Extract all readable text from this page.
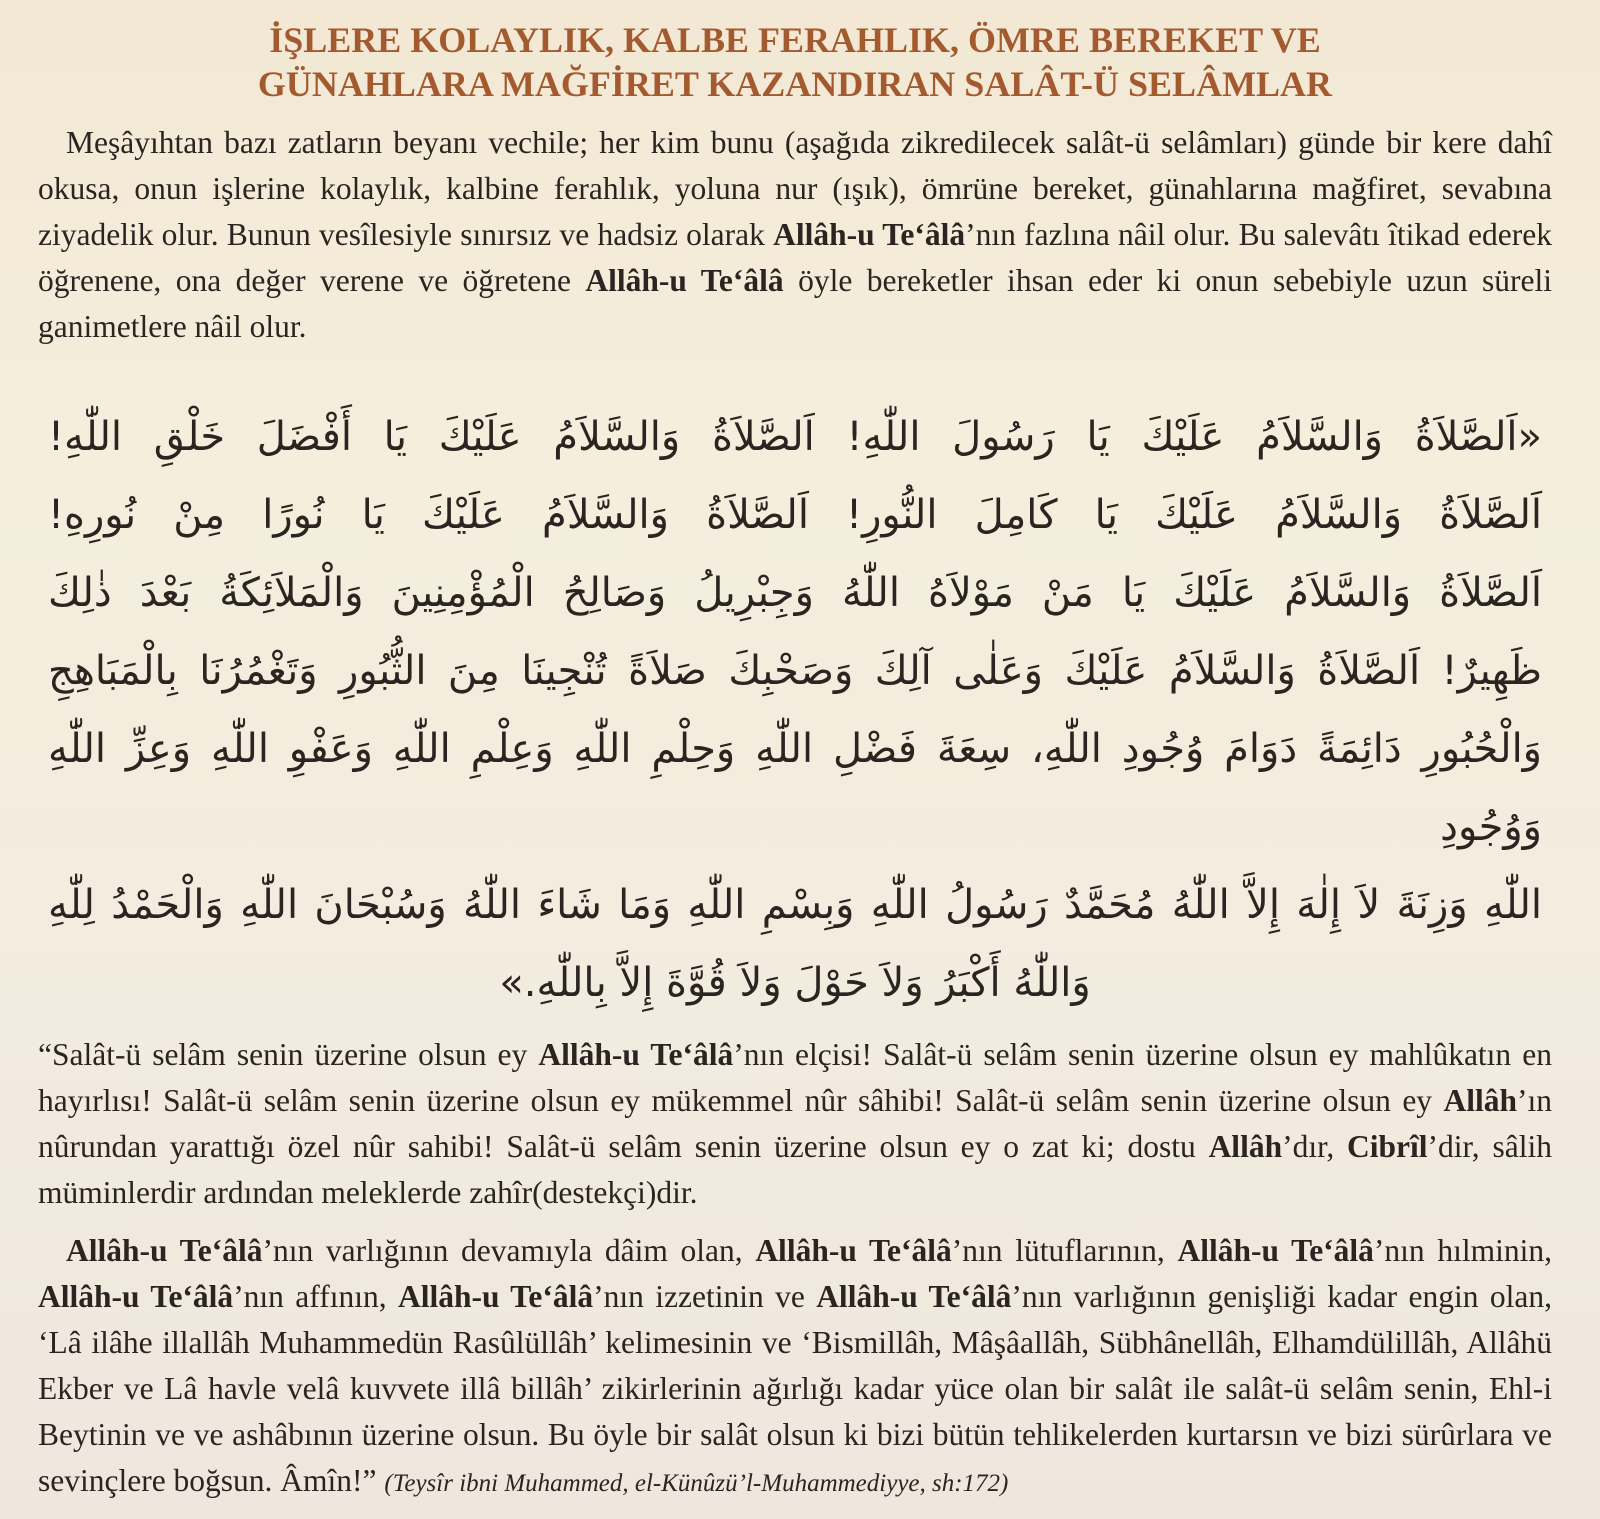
İŞLERE KOLAYLIK, KALBE FERAHLIK, ÖMRE BEREKET VE
GÜNAHLARA MAĞFİRET KAZANDIRAN SALÂT-Ü SELÂMLAR

Meşâyıhtan bazı zatların beyanı vechile; her kim bunu (aşağıda zikredilecek salât-ü selâmları) günde bir kere dahî okusa, onun işlerine kolaylık, kalbine ferahlık, yoluna nur (ışık), ömrüne bereket, günahlarına mağfiret, sevabına ziyadelik olur. Bunun vesîlesiyle sınırsız ve hadsiz olarak Allâh-u Te‘âlâ’nın fazlına nâil olur. Bu salevâtı îtikad ederek öğrenene, ona değer verene ve öğretene Allâh-u Te‘âlâ öyle bereketler ihsan eder ki onun sebebiyle uzun süreli ganimetlere nâil olur.

«اَلصَّلاَةُ وَالسَّلاَمُ عَلَيْكَ يَا رَسُولَ اللّٰهِ! اَلصَّلاَةُ وَالسَّلاَمُ عَلَيْكَ يَا أَفْضَلَ خَلْقِ اللّٰهِ!
اَلصَّلاَةُ وَالسَّلاَمُ عَلَيْكَ يَا كَامِلَ النُّورِ! اَلصَّلاَةُ وَالسَّلاَمُ عَلَيْكَ يَا نُورًا مِنْ نُورِهِ!
اَلصَّلاَةُ وَالسَّلاَمُ عَلَيْكَ يَا مَنْ مَوْلاَهُ اللّٰهُ وَجِبْرِيلُ وَصَالِحُ الْمُؤْمِنِينَ وَالْمَلاَئِكَةُ بَعْدَ ذٰلِكَ
ظَهِيرٌ! اَلصَّلاَةُ وَالسَّلاَمُ عَلَيْكَ وَعَلٰى آلِكَ وَصَحْبِكَ صَلاَةً تُنْجِينَا مِنَ الثُّبُورِ وَتَغْمُرُنَا بِالْمَبَاهِجِ
وَالْحُبُورِ دَائِمَةً دَوَامَ وُجُودِ اللّٰهِ، سِعَةَ فَضْلِ اللّٰهِ وَحِلْمِ اللّٰهِ وَعِلْمِ اللّٰهِ وَعَفْوِ اللّٰهِ وَعِزِّ اللّٰهِ وَوُجُودِ
اللّٰهِ وَزِنَةَ لاَ إِلٰهَ إِلاَّ اللّٰهُ مُحَمَّدٌ رَسُولُ اللّٰهِ وَبِسْمِ اللّٰهِ وَمَا شَاءَ اللّٰهُ وَسُبْحَانَ اللّٰهِ وَالْحَمْدُ لِلّٰهِ
وَاللّٰهُ أَكْبَرُ وَلاَ حَوْلَ وَلاَ قُوَّةَ إِلاَّ بِاللّٰهِ.»

“Salât-ü selâm senin üzerine olsun ey Allâh-u Te‘âlâ’nın elçisi! Salât-ü selâm senin üzerine olsun ey mahlûkatın en hayırlısı! Salât-ü selâm senin üzerine olsun ey mükemmel nûr sâhibi! Salât-ü selâm senin üzerine olsun ey Allâh’ın nûrundan yarattığı özel nûr sahibi! Salât-ü selâm senin üzerine olsun ey o zat ki; dostu Allâh’dır, Cibrîl’dir, sâlih müminlerdir ardından meleklerde zahîr(destekçi)dir.

Allâh-u Te‘âlâ’nın varlığının devamıyla dâim olan, Allâh-u Te‘âlâ’nın lütuflarının, Allâh-u Te‘âlâ’nın hılminin, Allâh-u Te‘âlâ’nın affının, Allâh-u Te‘âlâ’nın izzetinin ve Allâh-u Te‘âlâ’nın varlığının genişliği kadar engin olan, ‘Lâ ilâhe illallâh Muhammedün Rasûlüllâh’ kelimesinin ve ‘Bismillâh, Mâşâallâh, Sübhânellâh, Elhamdülillâh, Allâhü Ekber ve Lâ havle velâ kuvvete illâ billâh’ zikirlerinin ağırlığı kadar yüce olan bir salât ile salât-ü selâm senin, Ehl-i Beytinin ve ve ashâbının üzerine olsun. Bu öyle bir salât olsun ki bizi bütün tehlikelerden kurtarsın ve bizi sürûrlara ve sevinçlere boğsun. Âmîn!” (Teysîr ibni Muhammed, el-Künûzü’l-Muhammediyye, sh:172)
